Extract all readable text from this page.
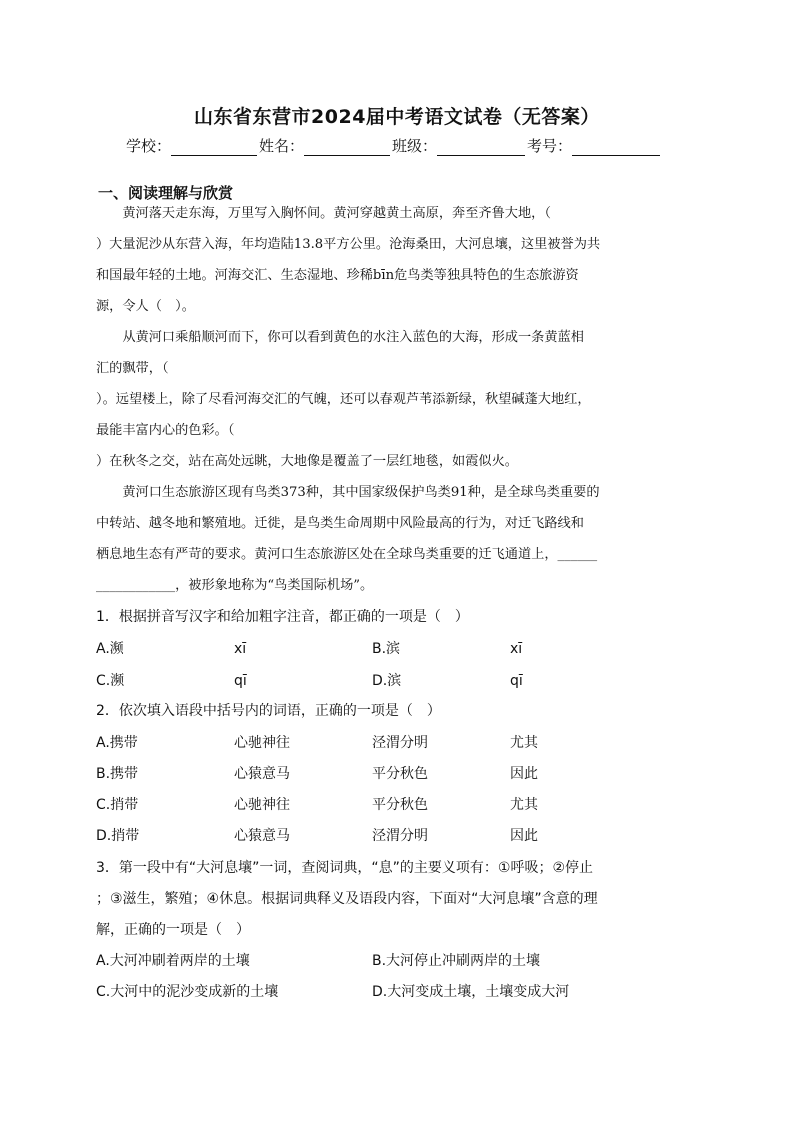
山东省东营市2024届中考语文试卷（无答案）
学校：	姓名：	班级：	考号：
一、阅读理解与欣赏
　　黄河落天走东海，万里写入胸怀间。黄河穿越黄土高原，奔至齐鲁大地，（
）大量泥沙从东营入海，年均造陆13.8平方公里。沧海桑田，大河息壤，这里被誉为共
和国最年轻的土地。河海交汇、生态湿地、珍稀bīn危鸟类等独具特色的生态旅游资
源，令人（　）。
　　从黄河口乘船顺河而下，你可以看到黄色的水注入蓝色的大海，形成一条黄蓝相
汇的飘带，（
）。远望楼上，除了尽看河海交汇的气魄，还可以春观芦苇添新绿，秋望碱蓬大地红，
最能丰富内心的色彩。（
）在秋冬之交，站在高处远眺，大地像是覆盖了一层红地毯，如霞似火。
　　黄河口生态旅游区现有鸟类373种，其中国家级保护鸟类91种，是全球鸟类重要的
中转站、越冬地和繁殖地。迁徙，是鸟类生命周期中风险最高的行为，对迁飞路线和
栖息地生态有严苛的要求。黄河口生态旅游区处在全球鸟类重要的迁飞通道上，______
____________，被形象地称为“鸟类国际机场”。
1．根据拼音写汉字和给加粗字注音，都正确的一项是（　）
A.濒	xī	B.滨	xī
C.濒	qī	D.滨	qī
2．依次填入语段中括号内的词语，正确的一项是（　）
A.携带	心驰神往	泾渭分明	尤其
B.携带	心猿意马	平分秋色	因此
C.捎带	心驰神往	平分秋色	尤其
D.捎带	心猿意马	泾渭分明	因此
3．第一段中有“大河息壤”一词，查阅词典，“息”的主要义项有：①呼吸；②停止
；③滋生，繁殖；④休息。根据词典释义及语段内容，下面对“大河息壤”含意的理
解，正确的一项是（　）
A.大河冲刷着两岸的土壤	B.大河停止冲刷两岸的土壤
C.大河中的泥沙变成新的土壤	D.大河变成土壤，土壤变成大河
